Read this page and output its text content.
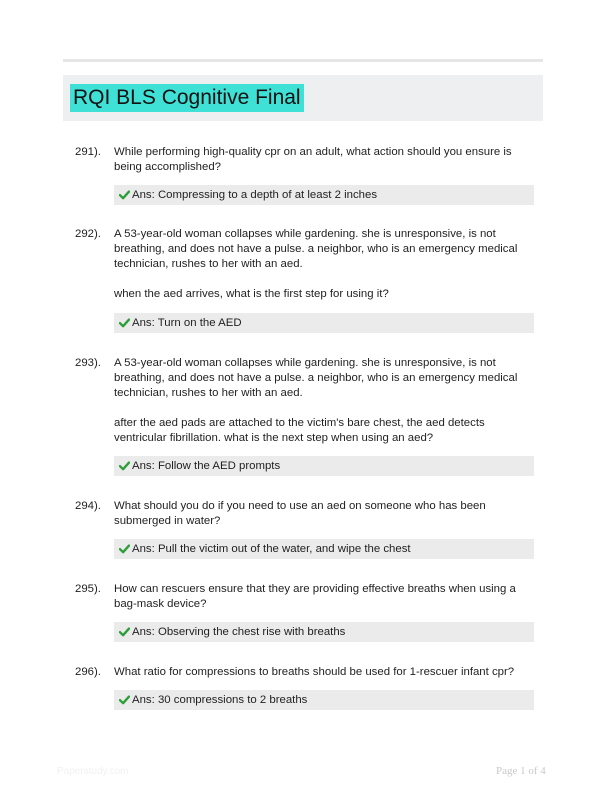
RQI BLS Cognitive Final
291). While performing high-quality cpr on an adult, what action should you ensure is being accomplished?

Ans: Compressing to a depth of at least 2 inches
292). A 53-year-old woman collapses while gardening. she is unresponsive, is not breathing, and does not have a pulse. a neighbor, who is an emergency medical technician, rushes to her with an aed.

when the aed arrives, what is the first step for using it?

Ans: Turn on the AED
293). A 53-year-old woman collapses while gardening. she is unresponsive, is not breathing, and does not have a pulse. a neighbor, who is an emergency medical technician, rushes to her with an aed.

after the aed pads are attached to the victim's bare chest, the aed detects ventricular fibrillation. what is the next step when using an aed?

Ans: Follow the AED prompts
294). What should you do if you need to use an aed on someone who has been submerged in water?

Ans: Pull the victim out of the water, and wipe the chest
295). How can rescuers ensure that they are providing effective breaths when using a bag-mask device?

Ans: Observing the chest rise with breaths
296). What ratio for compressions to breaths should be used for 1-rescuer infant cpr?

Ans: 30 compressions to 2 breaths
Paperstudy.com	Page 1 of 4
